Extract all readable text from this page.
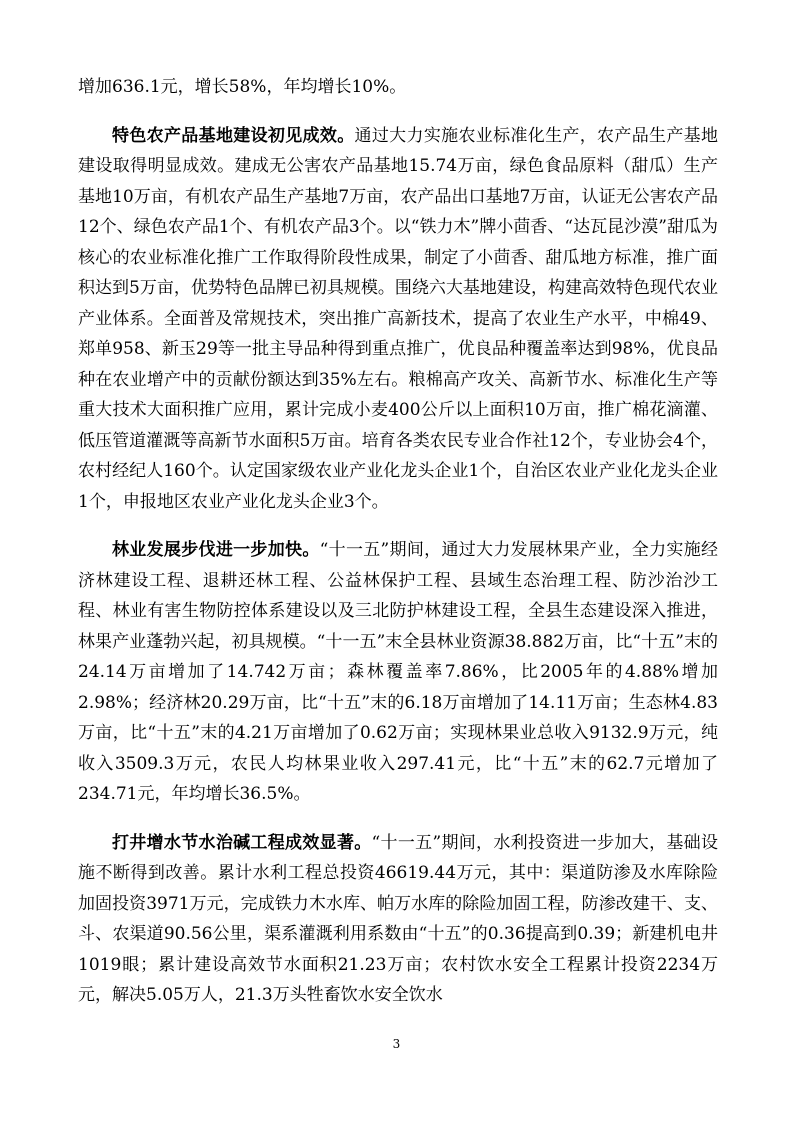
增加636.1元，增长58%，年均增长10%。

特色农产品基地建设初见成效。通过大力实施农业标准化生产，农产品生产基地建设取得明显成效。建成无公害农产品基地15.74万亩，绿色食品原料（甜瓜）生产基地10万亩，有机农产品生产基地7万亩，农产品出口基地7万亩，认证无公害农产品12个、绿色农产品1个、有机农产品3个。以“铁力木”牌小茴香、“达瓦昆沙漠”甜瓜为核心的农业标准化推广工作取得阶段性成果，制定了小茴香、甜瓜地方标准，推广面积达到5万亩，优势特色品牌已初具规模。围绕六大基地建设，构建高效特色现代农业产业体系。全面普及常规技术，突出推广高新技术，提高了农业生产水平，中棉49、郑单958、新玉29等一批主导品种得到重点推广，优良品种覆盖率达到98%，优良品种在农业增产中的贡献份额达到35%左右。粮棉高产攻关、高新节水、标准化生产等重大技术大面积推广应用，累计完成小麦400公斤以上面积10万亩，推广棉花滴灌、低压管道灌溉等高新节水面积5万亩。培育各类农民专业合作社12个，专业协会4个，农村经纪人160个。认定国家级农业产业化龙头企业1个，自治区农业产业化龙头企业1个，申报地区农业产业化龙头企业3个。

林业发展步伐进一步加快。“十一五”期间，通过大力发展林果产业，全力实施经济林建设工程、退耕还林工程、公益林保护工程、县域生态治理工程、防沙治沙工程、林业有害生物防控体系建设以及三北防护林建设工程，全县生态建设深入推进，林果产业蓬勃兴起，初具规模。“十一五”末全县林业资源38.882万亩，比“十五”末的24.14万亩增加了14.742万亩；森林覆盖率7.86%，比2005年的4.88%增加2.98%；经济林20.29万亩，比“十五”末的6.18万亩增加了14.11万亩；生态林4.83万亩，比“十五”末的4.21万亩增加了0.62万亩；实现林果业总收入9132.9万元，纯收入3509.3万元，农民人均林果业收入297.41元，比“十五”末的62.7元增加了234.71元，年均增长36.5%。

打井增水节水治碱工程成效显著。“十一五”期间，水利投资进一步加大，基础设施不断得到改善。累计水利工程总投资46619.44万元，其中：渠道防渗及水库除险加固投资3971万元，完成铁力木水库、帕万水库的除险加固工程，防渗改建干、支、斗、农渠道90.56公里，渠系灌溉利用系数由“十五”的0.36提高到0.39；新建机电井1019眼；累计建设高效节水面积21.23万亩；农村饮水安全工程累计投资2234万元，解决5.05万人，21.3万头牲畜饮水安全饮水

3
